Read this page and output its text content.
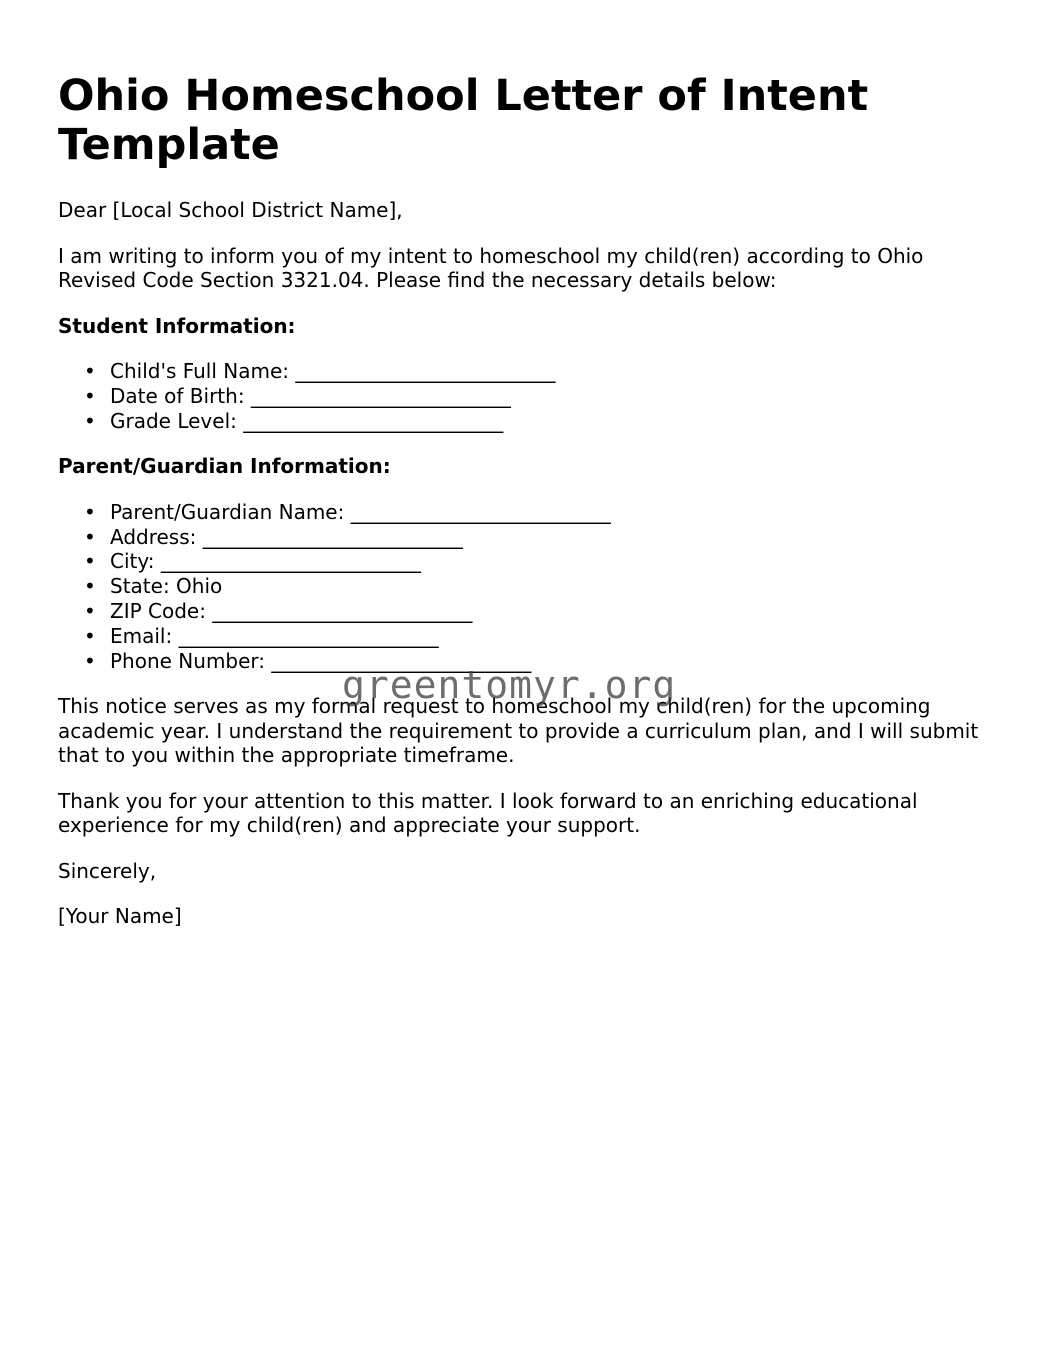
Ohio Homeschool Letter of Intent Template

Dear [Local School District Name],

I am writing to inform you of my intent to homeschool my child(ren) according to Ohio Revised Code Section 3321.04. Please find the necessary details below:

Student Information:

• Child's Full Name: __________________________
• Date of Birth: __________________________
• Grade Level: __________________________

Parent/Guardian Information:

• Parent/Guardian Name: __________________________
• Address: __________________________
• City: __________________________
• State: Ohio
• ZIP Code: __________________________
• Email: __________________________
• Phone Number: __________________________

This notice serves as my formal request to homeschool my child(ren) for the upcoming academic year. I understand the requirement to provide a curriculum plan, and I will submit that to you within the appropriate timeframe.

Thank you for your attention to this matter. I look forward to an enriching educational experience for my child(ren) and appreciate your support.

Sincerely,

[Your Name]

greentomyr.org
